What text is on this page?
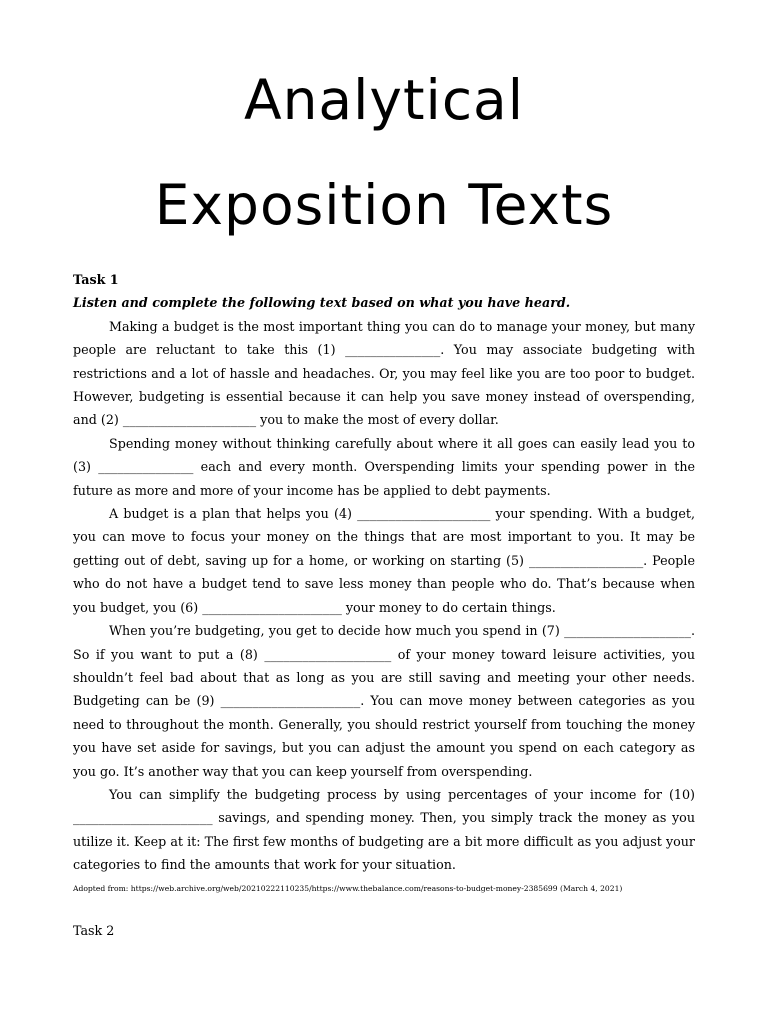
Analytical
Exposition Texts
Task 1
Listen and complete the following text based on what you have heard.

Making a budget is the most important thing you can do to manage your money, but many people are reluctant to take this (1) _______________. You may associate budgeting with restrictions and a lot of hassle and headaches. Or, you may feel like you are too poor to budget. However, budgeting is essential because it can help you save money instead of overspending, and (2) _____________________ you to make the most of every dollar.

Spending money without thinking carefully about where it all goes can easily lead you to (3) _______________ each and every month. Overspending limits your spending power in the future as more and more of your income has be applied to debt payments.

A budget is a plan that helps you (4) _____________________ your spending. With a budget, you can move to focus your money on the things that are most important to you. It may be getting out of debt, saving up for a home, or working on starting (5) __________________. People who do not have a budget tend to save less money than people who do. That’s because when you budget, you (6) ______________________ your money to do certain things.

When you’re budgeting, you get to decide how much you spend in (7) ____________________. So if you want to put a (8) ____________________ of your money toward leisure activities, you shouldn’t feel bad about that as long as you are still saving and meeting your other needs. Budgeting can be (9) ______________________. You can move money between categories as you need to throughout the month. Generally, you should restrict yourself from touching the money you have set aside for savings, but you can adjust the amount you spend on each category as you go. It’s another way that you can keep yourself from overspending.

You can simplify the budgeting process by using percentages of your income for (10) ______________________ savings, and spending money. Then, you simply track the money as you utilize it. Keep at it: The first few months of budgeting are a bit more difficult as you adjust your categories to find the amounts that work for your situation.

Adopted from: https://web.archive.org/web/20210222110235/https://www.thebalance.com/reasons-to-budget-money-2385699 (March 4, 2021)
Task 2
